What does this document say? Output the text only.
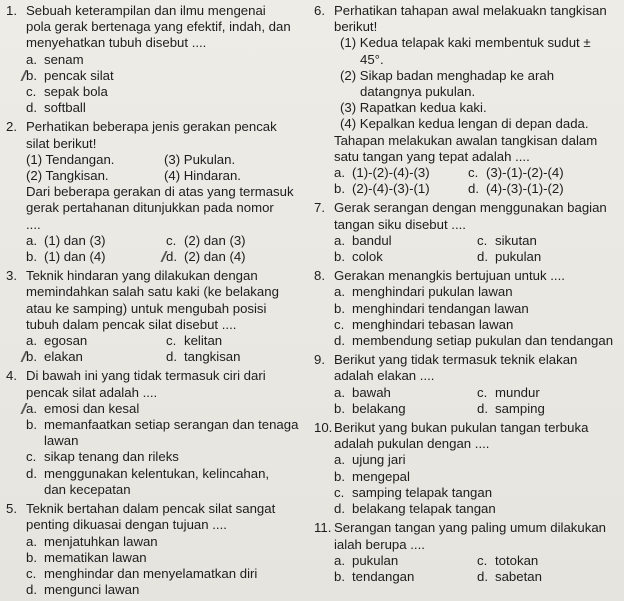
1. Sebuah keterampilan dan ilmu mengenai
pola gerak bertenaga yang efektif, indah, dan
menyehatkan tubuh disebut ....
a. senam
b. pencak silat
c. sepak bola
d. softball
2. Perhatikan beberapa jenis gerakan pencak
silat berikut!
(1) Tendangan.	(3) Pukulan.
(2) Tangkisan.	(4) Hindaran.
Dari beberapa gerakan di atas yang termasuk
gerak pertahanan ditunjukkan pada nomor
....
a. (1) dan (3)	c. (2) dan (3)
b. (1) dan (4)	d. (2) dan (4)
3. Teknik hindaran yang dilakukan dengan
memindahkan salah satu kaki (ke belakang
atau ke samping) untuk mengubah posisi
tubuh dalam pencak silat disebut ....
a. egosan	c. kelitan
b. elakan	d. tangkisan
4. Di bawah ini yang tidak termasuk ciri dari
pencak silat adalah ....
a. emosi dan kesal
b. memanfaatkan setiap serangan dan tenaga lawan
c. sikap tenang dan rileks
d. menggunakan kelentukan, kelincahan, dan kecepatan
5. Teknik bertahan dalam pencak silat sangat
penting dikuasai dengan tujuan ....
a. menjatuhkan lawan
b. mematikan lawan
c. menghindar dan menyelamatkan diri
d. mengunci lawan
6. Perhatikan tahapan awal melakuakn tangkisan
berikut!
(1) Kedua telapak kaki membentuk sudut ±
45°.
(2) Sikap badan menghadap ke arah
datangnya pukulan.
(3) Rapatkan kedua kaki.
(4) Kepalkan kedua lengan di depan dada.
Tahapan melakukan awalan tangkisan dalam
satu tangan yang tepat adalah ....
a. (1)-(2)-(4)-(3)	c. (3)-(1)-(2)-(4)
b. (2)-(4)-(3)-(1)	d. (4)-(3)-(1)-(2)
7. Gerak serangan dengan menggunakan bagian
tangan siku disebut ....
a. bandul	c. sikutan
b. colok	d. pukulan
8. Gerakan menangkis bertujuan untuk ....
a. menghindari pukulan lawan
b. menghindari tendangan lawan
c. menghindari tebasan lawan
d. membendung setiap pukulan dan tendangan
9. Berikut yang tidak termasuk teknik elakan
adalah elakan ....
a. bawah	c. mundur
b. belakang	d. samping
10. Berikut yang bukan pukulan tangan terbuka
adalah pukulan dengan ....
a. ujung jari
b. mengepal
c. samping telapak tangan
d. belakang telapak tangan
11. Serangan tangan yang paling umum dilakukan
ialah berupa ....
a. pukulan	c. totokan
b. tendangan	d. sabetan
